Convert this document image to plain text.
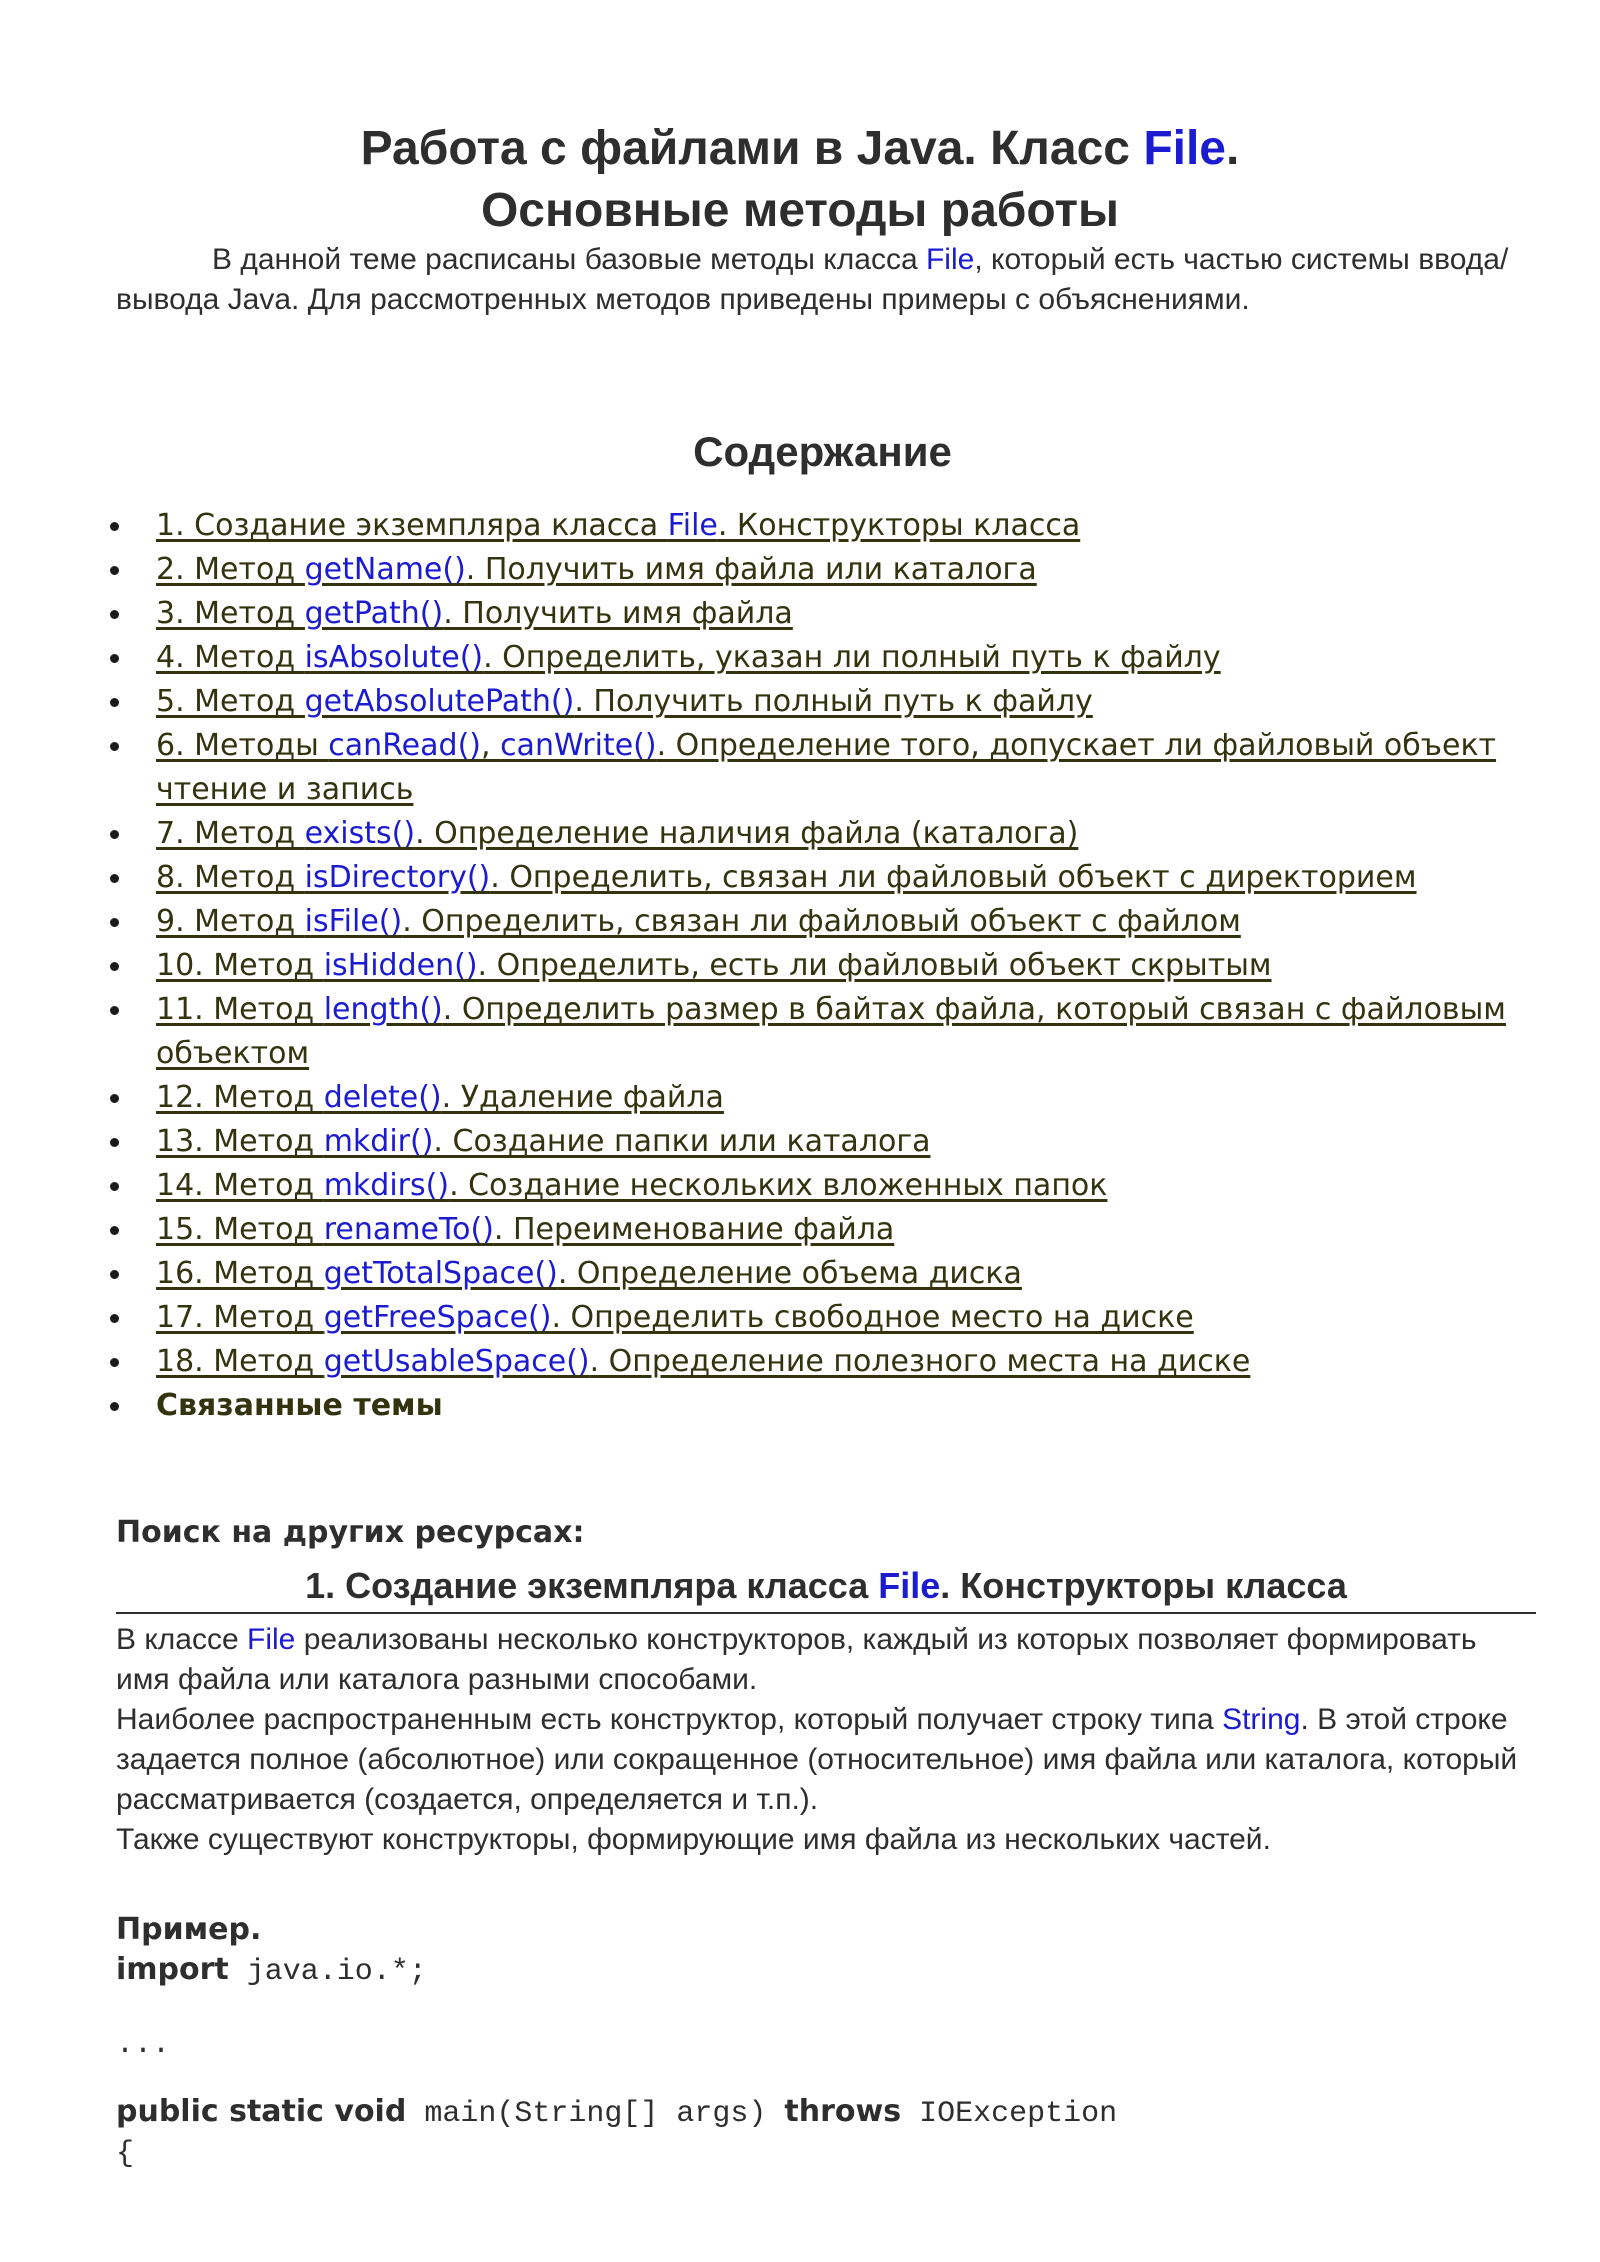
Работа с файлами в Java. Класс File.
Основные методы работы
В данной теме расписаны базовые методы класса File, который есть частью системы ввода/вывода Java. Для рассмотренных методов приведены примеры с объяснениями.
Содержание
1. Создание экземпляра класса File. Конструкторы класса
2. Метод getName(). Получить имя файла или каталога
3. Метод getPath(). Получить имя файла
4. Метод isAbsolute(). Определить, указан ли полный путь к файлу
5. Метод getAbsolutePath(). Получить полный путь к файлу
6. Методы canRead(), canWrite(). Определение того, допускает ли файловый объект чтение и запись
7. Метод exists(). Определение наличия файла (каталога)
8. Метод isDirectory(). Определить, связан ли файловый объект с директорием
9. Метод isFile(). Определить, связан ли файловый объект с файлом
10. Метод isHidden(). Определить, есть ли файловый объект скрытым
11. Метод length(). Определить размер в байтах файла, который связан с файловым объектом
12. Метод delete(). Удаление файла
13. Метод mkdir(). Создание папки или каталога
14. Метод mkdirs(). Создание нескольких вложенных папок
15. Метод renameTo(). Переименование файла
16. Метод getTotalSpace(). Определение объема диска
17. Метод getFreeSpace(). Определить свободное место на диске
18. Метод getUsableSpace(). Определение полезного места на диске
Связанные темы
Поиск на других ресурсах:
1. Создание экземпляра класса File. Конструкторы класса
В классе File реализованы несколько конструкторов, каждый из которых позволяет формировать имя файла или каталога разными способами.
Наиболее распространенным есть конструктор, который получает строку типа String. В этой строке задается полное (абсолютное) или сокращенное (относительное) имя файла или каталога, который рассматривается (создается, определяется и т.п.).
Также существуют конструкторы, формирующие имя файла из нескольких частей.
Пример.
import java.io.*;
...
public static void main(String[] args) throws IOException
{
